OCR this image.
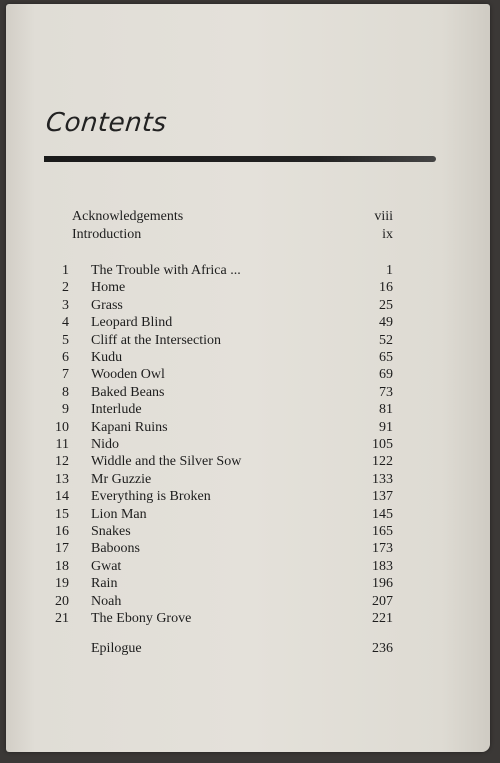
Contents
Acknowledgements	viii
Introduction	ix
1 The Trouble with Africa ...	1
2 Home	16
3 Grass	25
4 Leopard Blind	49
5 Cliff at the Intersection	52
6 Kudu	65
7 Wooden Owl	69
8 Baked Beans	73
9 Interlude	81
10 Kapani Ruins	91
11 Nido	105
12 Widdle and the Silver Sow	122
13 Mr Guzzie	133
14 Everything is Broken	137
15 Lion Man	145
16 Snakes	165
17 Baboons	173
18 Gwat	183
19 Rain	196
20 Noah	207
21 The Ebony Grove	221
Epilogue	236
